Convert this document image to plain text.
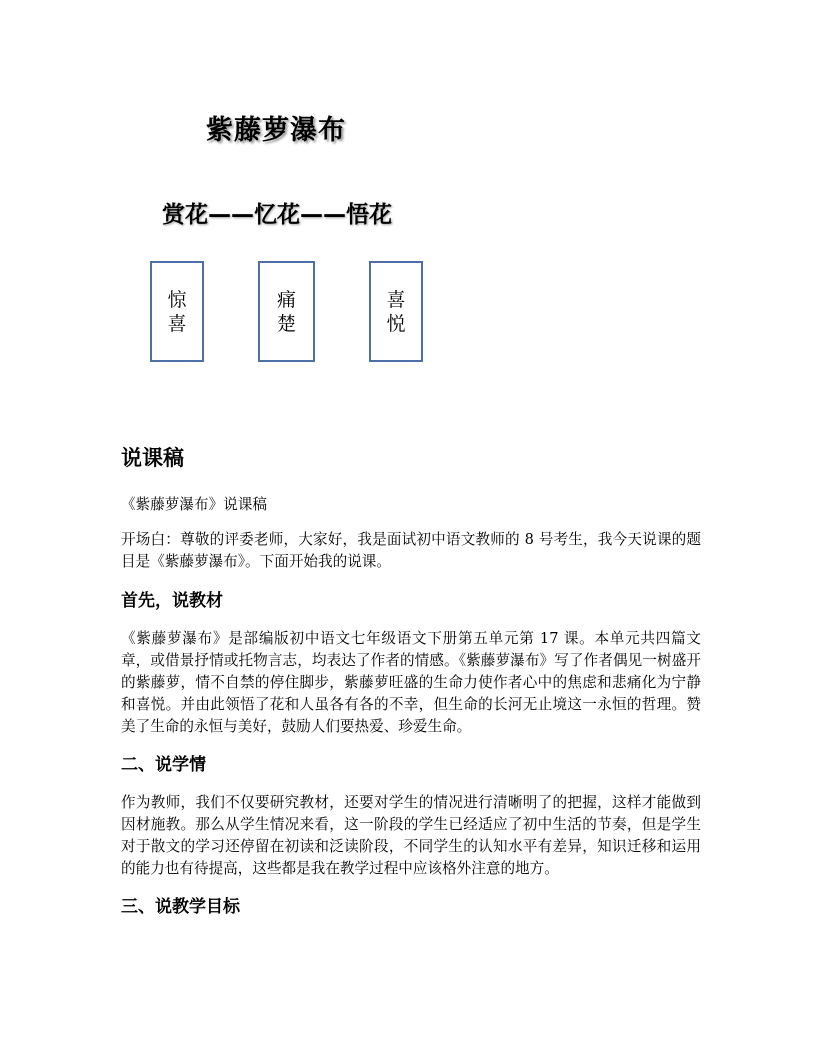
紫藤萝瀑布
赏花——忆花——悟花
惊
喜
痛
楚
喜
悦
说课稿
《紫藤萝瀑布》说课稿
开场白：尊敬的评委老师，大家好，我是面试初中语文教师的 8 号考生，我今天说课的题目是《紫藤萝瀑布》。下面开始我的说课。
首先，说教材
《紫藤萝瀑布》是部编版初中语文七年级语文下册第五单元第 17 课。本单元共四篇文章，或借景抒情或托物言志，均表达了作者的情感。《紫藤萝瀑布》写了作者偶见一树盛开的紫藤萝，情不自禁的停住脚步，紫藤萝旺盛的生命力使作者心中的焦虑和悲痛化为宁静和喜悦。并由此领悟了花和人虽各有各的不幸，但生命的长河无止境这一永恒的哲理。赞美了生命的永恒与美好，鼓励人们要热爱、珍爱生命。
二、说学情
作为教师，我们不仅要研究教材，还要对学生的情况进行清晰明了的把握，这样才能做到因材施教。那么从学生情况来看，这一阶段的学生已经适应了初中生活的节奏，但是学生对于散文的学习还停留在初读和泛读阶段，不同学生的认知水平有差异，知识迁移和运用的能力也有待提高，这些都是我在教学过程中应该格外注意的地方。
三、说教学目标
